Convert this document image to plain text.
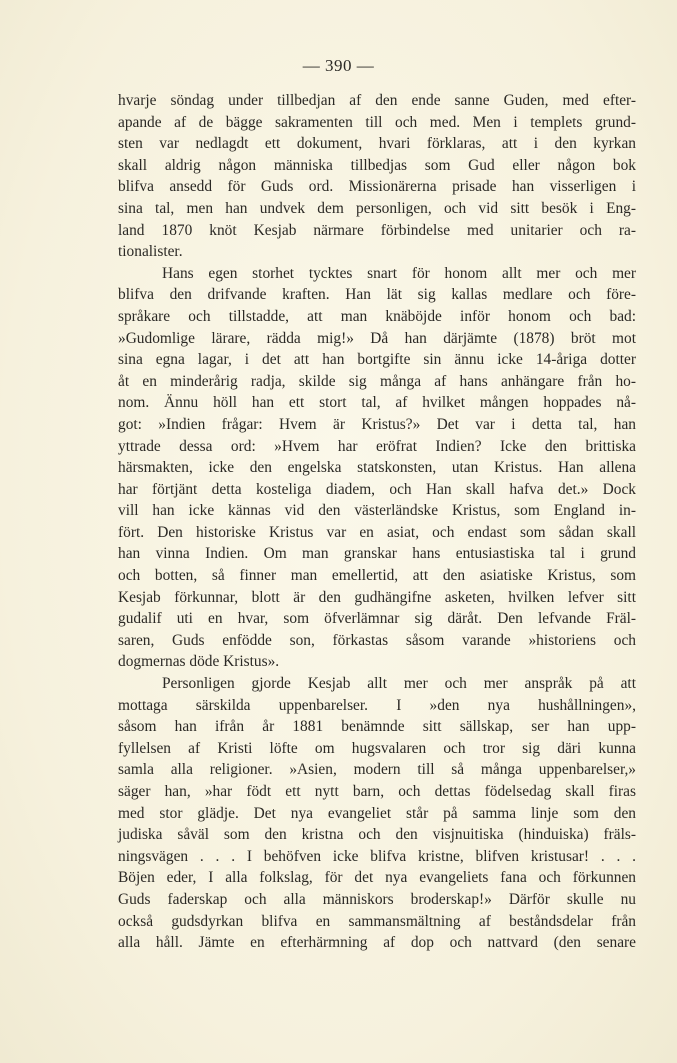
— 390 —
hvarje söndag under tillbedjan af den ende sanne Guden, med efter-
apande af de bägge sakramenten till och med. Men i templets grund-
sten var nedlagdt ett dokument, hvari förklaras, att i den kyrkan
skall aldrig någon människa tillbedjas som Gud eller någon bok
blifva ansedd för Guds ord. Missionärerna prisade han visserligen i
sina tal, men han undvek dem personligen, och vid sitt besök i Eng-
land 1870 knöt Kesjab närmare förbindelse med unitarier och ra-
tionalister.
Hans egen storhet tycktes snart för honom allt mer och mer
blifva den drifvande kraften. Han lät sig kallas medlare och före-
språkare och tillstadde, att man knäböjde inför honom och bad:
»Gudomlige lärare, rädda mig!» Då han därjämte (1878) bröt mot
sina egna lagar, i det att han bortgifte sin ännu icke 14-åriga dotter
åt en minderårig radja, skilde sig många af hans anhängare från ho-
nom. Ännu höll han ett stort tal, af hvilket mången hoppades nå-
got: »Indien frågar: Hvem är Kristus?» Det var i detta tal, han
yttrade dessa ord: »Hvem har eröfrat Indien? Icke den brittiska
härsmakten, icke den engelska statskonsten, utan Kristus. Han allena
har förtjänt detta kosteliga diadem, och Han skall hafva det.» Dock
vill han icke kännas vid den västerländske Kristus, som England in-
fört. Den historiske Kristus var en asiat, och endast som sådan skall
han vinna Indien. Om man granskar hans entusiastiska tal i grund
och botten, så finner man emellertid, att den asiatiske Kristus, som
Kesjab förkunnar, blott är den gudhängifne asketen, hvilken lefver sitt
gudalif uti en hvar, som öfverlämnar sig däråt. Den lefvande Fräl-
saren, Guds enfödde son, förkastas såsom varande »historiens och
dogmernas döde Kristus».
Personligen gjorde Kesjab allt mer och mer anspråk på att
mottaga särskilda uppenbarelser. I »den nya hushållningen»,
såsom han ifrån år 1881 benämnde sitt sällskap, ser han upp-
fyllelsen af Kristi löfte om hugsvalaren och tror sig däri kunna
samla alla religioner. »Asien, modern till så många uppenbarelser,»
säger han, »har födt ett nytt barn, och dettas födelsedag skall firas
med stor glädje. Det nya evangeliet står på samma linje som den
judiska såväl som den kristna och den visjnuitiska (hinduiska) fräls-
ningsvägen . . . I behöfven icke blifva kristne, blifven kristusar! . . .
Böjen eder, I alla folkslag, för det nya evangeliets fana och förkunnen
Guds faderskap och alla människors broderskap!» Därför skulle nu
också gudsdyrkan blifva en sammansmältning af beståndsdelar från
alla håll. Jämte en efterhärmning af dop och nattvard (den senare
